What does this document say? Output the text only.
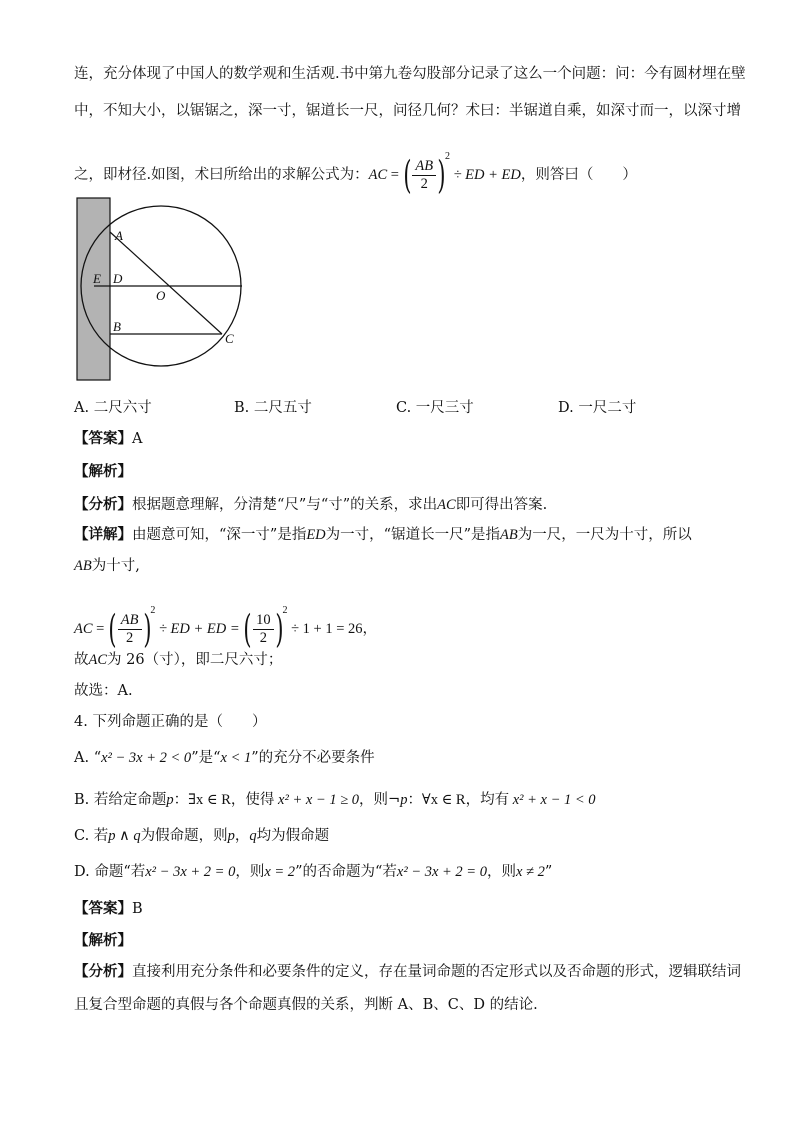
连，充分体现了中国人的数学观和生活观.书中第九卷勾股部分记录了这么一个问题：问：今有圆材埋在壁
中，不知大小，以锯锯之，深一寸，锯道长一尺，问径几何？术曰：半锯道自乘，如深寸而一，以深寸增
之，即材径.如图，术曰所给出的求解公式为：AC = ( $\frac{AB}{2} )^2$ ÷ ED + ED，则答曰（　　）
A
E D
O
B
C
A. 二尺六寸	B. 二尺五寸	C. 一尺三寸	D. 一尺二寸
【答案】A
【解析】
【分析】根据题意理解，分清楚“尺”与“寸”的关系，求出AC即可得出答案.
【详解】由题意可知，“深一寸”是指ED为一寸，“锯道长一尺”是指AB为一尺，一尺为十寸，所以
AB为十寸,
AC = ( $\frac{AB}{2} )^2$ ÷ ED + ED = ( $\frac{10}{2} )^2 \div 1 + 1 = 26$，
故AC为 26（寸），即二尺六寸；
故选：A.
4. 下列命题正确的是（　　）
A. “x² − 3x + 2 < 0”是“x < 1”的充分不必要条件
B. 若给定命题p：∃x ∈ R，使得 x² + x − 1 ≥ 0，则¬p：∀x ∈ R，均有 x² + x − 1 < 0
C. 若p ∧ q为假命题，则p，q均为假命题
D. 命题“若x² − 3x + 2 = 0，则x = 2”的否命题为“若x² − 3x + 2 = 0，则x ≠ 2”
【答案】B
【解析】
【分析】直接利用充分条件和必要条件的定义，存在量词命题的否定形式以及否命题的形式，逻辑联结词
且复合型命题的真假与各个命题真假的关系，判断 A、B、C、D 的结论.
